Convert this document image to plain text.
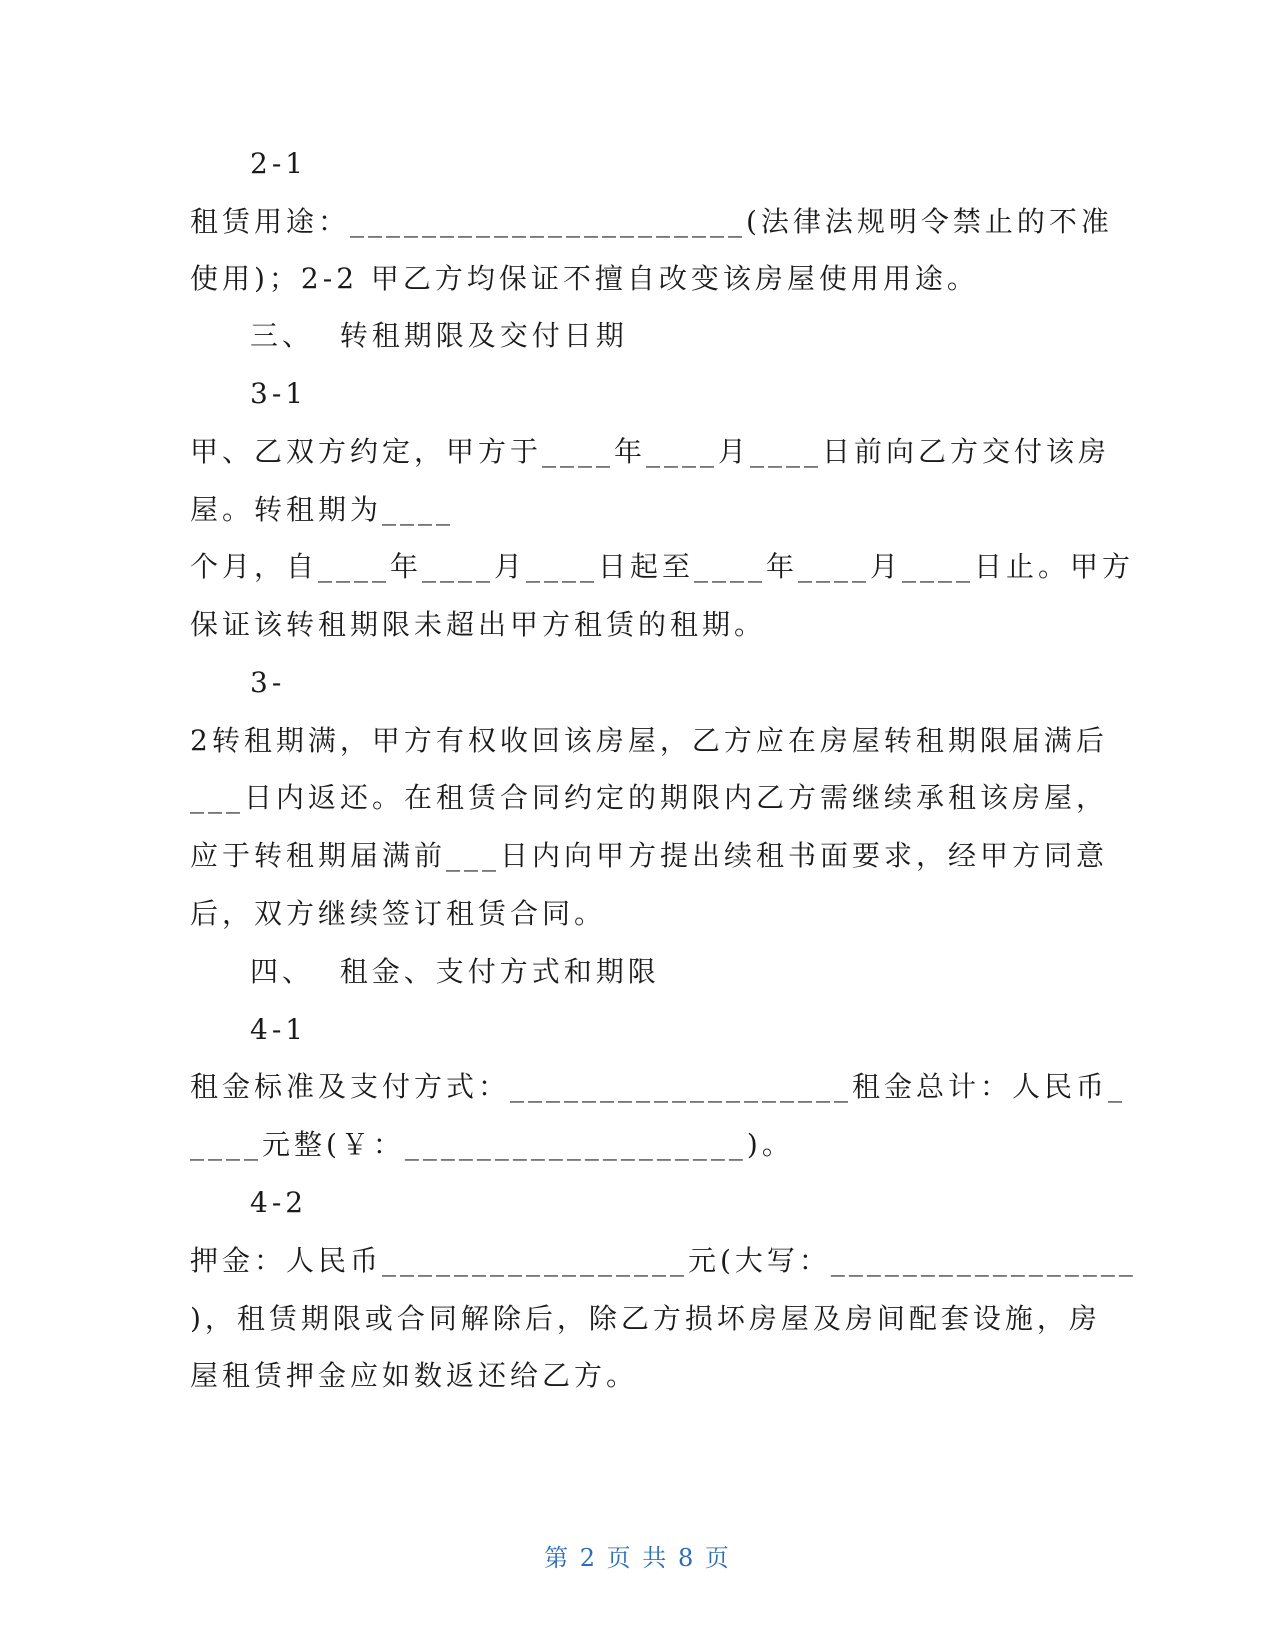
2-1
租赁用途：______________________(法律法规明令禁止的不准
使用)；2-2 甲乙方均保证不擅自改变该房屋使用用途。
三、  转租期限及交付日期
3-1
甲、乙双方约定，甲方于____年____月____日前向乙方交付该房
屋。转租期为____
个月，自____年____月____日起至____年____月____日止。甲方
保证该转租期限未超出甲方租赁的租期。
3-
2转租期满，甲方有权收回该房屋，乙方应在房屋转租期限届满后
___日内返还。在租赁合同约定的期限内乙方需继续承租该房屋，
应于转租期届满前___日内向甲方提出续租书面要求，经甲方同意
后，双方继续签订租赁合同。
四、  租金、支付方式和期限
4-1
租金标准及支付方式：___________________租金总计：人民币_
____元整(￥：___________________)。
4-2
押金：人民币_________________元(大写：_________________
)，租赁期限或合同解除后，除乙方损坏房屋及房间配套设施，房
屋租赁押金应如数返还给乙方。
第 2 页 共 8 页
